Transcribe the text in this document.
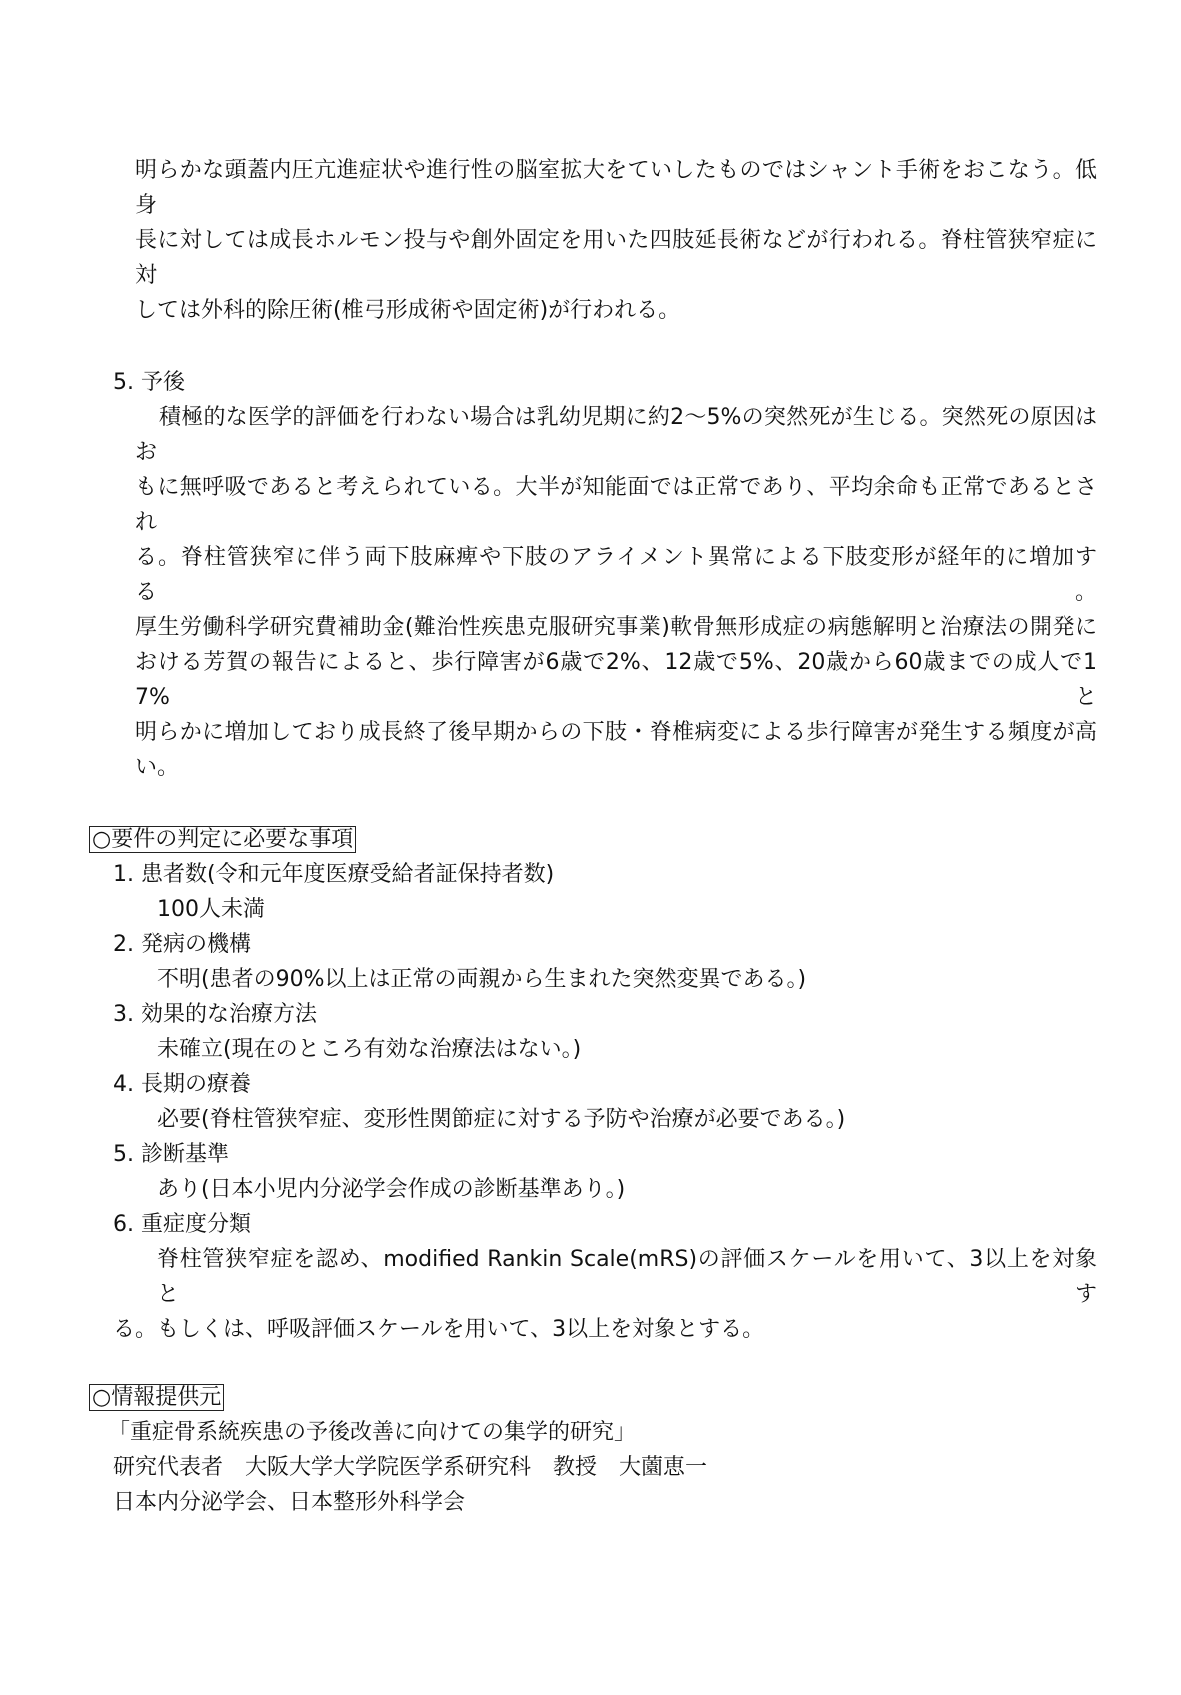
明らかな頭蓋内圧亢進症状や進行性の脳室拡大をていしたものではシャント手術をおこなう。低身
長に対しては成長ホルモン投与や創外固定を用いた四肢延長術などが行われる。脊柱管狭窄症に対
しては外科的除圧術(椎弓形成術や固定術)が行われる。
5. 予後
積極的な医学的評価を行わない場合は乳幼児期に約2～5%の突然死が生じる。突然死の原因はお
もに無呼吸であると考えられている。大半が知能面では正常であり、平均余命も正常であるとされ
る。脊柱管狭窄に伴う両下肢麻痺や下肢のアライメント異常による下肢変形が経年的に増加する。
厚生労働科学研究費補助金(難治性疾患克服研究事業)軟骨無形成症の病態解明と治療法の開発に
おける芳賀の報告によると、歩行障害が6歳で2%、12歳で5%、20歳から60歳までの成人で17%と
明らかに増加しており成長終了後早期からの下肢・脊椎病変による歩行障害が発生する頻度が高
い。
○要件の判定に必要な事項
1. 患者数(令和元年度医療受給者証保持者数)
100人未満
2. 発病の機構
不明(患者の90%以上は正常の両親から生まれた突然変異である。)
3. 効果的な治療方法
未確立(現在のところ有効な治療法はない。)
4. 長期の療養
必要(脊柱管狭窄症、変形性関節症に対する予防や治療が必要である。)
5. 診断基準
あり(日本小児内分泌学会作成の診断基準あり。)
6. 重症度分類
脊柱管狭窄症を認め、modified Rankin Scale(mRS)の評価スケールを用いて、3以上を対象とす
る。もしくは、呼吸評価スケールを用いて、3以上を対象とする。
○情報提供元
「重症骨系統疾患の予後改善に向けての集学的研究」
研究代表者　大阪大学大学院医学系研究科　教授　大薗恵一
日本内分泌学会、日本整形外科学会
